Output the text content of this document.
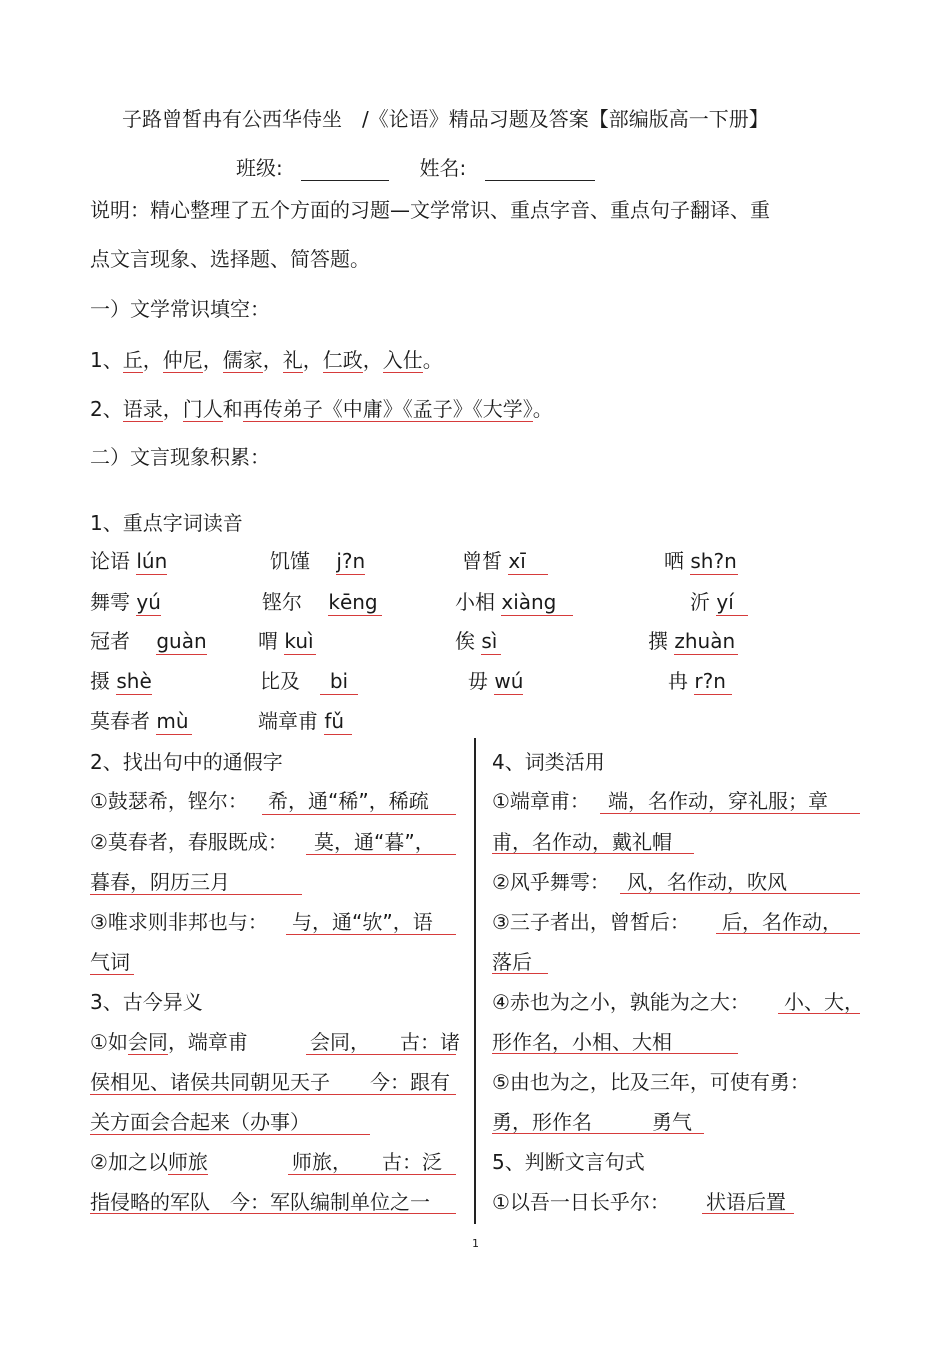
子路曾皙冉有公西华侍坐　/《论语》精品习题及答案【部编版高一下册】
班级:	姓名:
说明：精心整理了五个方面的习题—文学常识、重点字音、重点句子翻译、重
点文言现象、选择题、简答题。
一）文学常识填空：
1、丘，仲尼，儒家，礼，仁政，入仕。
2、语录，门人和再传弟子《中庸》《孟子》《大学》。
二）文言现象积累：
1、重点字词读音
论语 lún	饥馑　 j?n	曾皙 xī	哂 sh?n
舞雩 yú	铿尔　 kēng	小相 xiàng	沂 yí
冠者　 guàn	喟 kuì	俟 sì	撰 zhuàn
摄 shè	比及　 bi	毋 wú	冉 r?n
莫春者 mù	端章甫 fǔ
2、找出句中的通假字
①鼓瑟希，铿尔： 希，通“稀”，稀疏
②莫春者，春服既成： 莫，通“暮”，
暮春，阴历三月
③唯求则非邦也与： 与，通“欤”，语
气词
3、古今异义
①如会同，端章甫	会同，　　古：诸
侯相见、诸侯共同朝见天子　　今：跟有
关方面会合起来（办事）
②加之以师旅	师旅，　　古：泛
指侵略的军队　今：军队编制单位之一
4、词类活用
①端章甫： 端，名作动，穿礼服；章
甫，名作动，戴礼帽
②风乎舞雩： 风，名作动，吹风
③三子者出，曾皙后： 后，名作动，
落后
④赤也为之小，孰能为之大： 小、大，
形作名，小相、大相
⑤由也为之，比及三年，可使有勇：
勇，形作名　　　勇气
5、判断文言句式
①以吾一日长乎尔： 状语后置
1
